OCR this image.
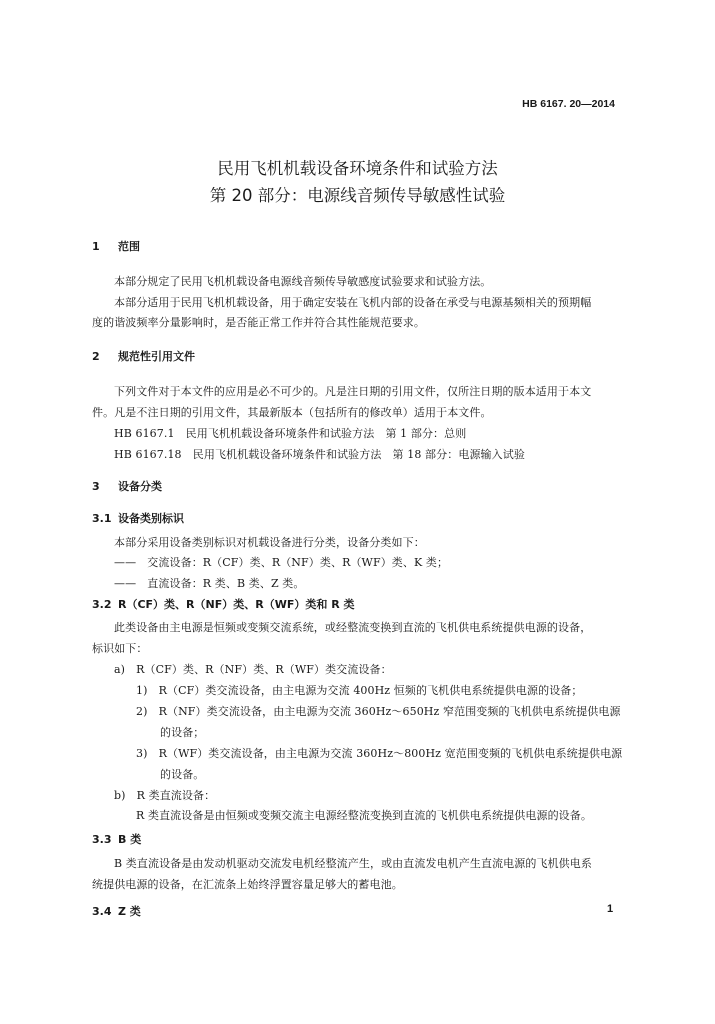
HB 6167. 20—2014
民用飞机机载设备环境条件和试验方法
第 20 部分：电源线音频传导敏感性试验
1 范围
本部分规定了民用飞机机载设备电源线音频传导敏感度试验要求和试验方法。
本部分适用于民用飞机机载设备，用于确定安装在飞机内部的设备在承受与电源基频相关的预期幅
度的谐波频率分量影响时，是否能正常工作并符合其性能规范要求。
2 规范性引用文件
下列文件对于本文件的应用是必不可少的。凡是注日期的引用文件，仅所注日期的版本适用于本文
件。凡是不注日期的引用文件，其最新版本（包括所有的修改单）适用于本文件。
HB 6167.1　民用飞机机载设备环境条件和试验方法　第 1 部分：总则
HB 6167.18　民用飞机机载设备环境条件和试验方法　第 18 部分：电源输入试验
3 设备分类
3.1 设备类别标识
本部分采用设备类别标识对机载设备进行分类，设备分类如下：
——　交流设备：R（CF）类、R（NF）类、R（WF）类、K 类；
——　直流设备：R 类、B 类、Z 类。
3.2 R（CF）类、R（NF）类、R（WF）类和 R 类
此类设备由主电源是恒频或变频交流系统，或经整流变换到直流的飞机供电系统提供电源的设备，
标识如下：
a)　R（CF）类、R（NF）类、R（WF）类交流设备：
1)　R（CF）类交流设备，由主电源为交流 400Hz 恒频的飞机供电系统提供电源的设备；
2)　R（NF）类交流设备，由主电源为交流 360Hz～650Hz 窄范围变频的飞机供电系统提供电源
的设备；
3)　R（WF）类交流设备，由主电源为交流 360Hz～800Hz 宽范围变频的飞机供电系统提供电源
的设备。
b)　R 类直流设备：
R 类直流设备是由恒频或变频交流主电源经整流变换到直流的飞机供电系统提供电源的设备。
3.3 B 类
B 类直流设备是由发动机驱动交流发电机经整流产生，或由直流发电机产生直流电源的飞机供电系
统提供电源的设备，在汇流条上始终浮置容量足够大的蓄电池。
3.4 Z 类	1
